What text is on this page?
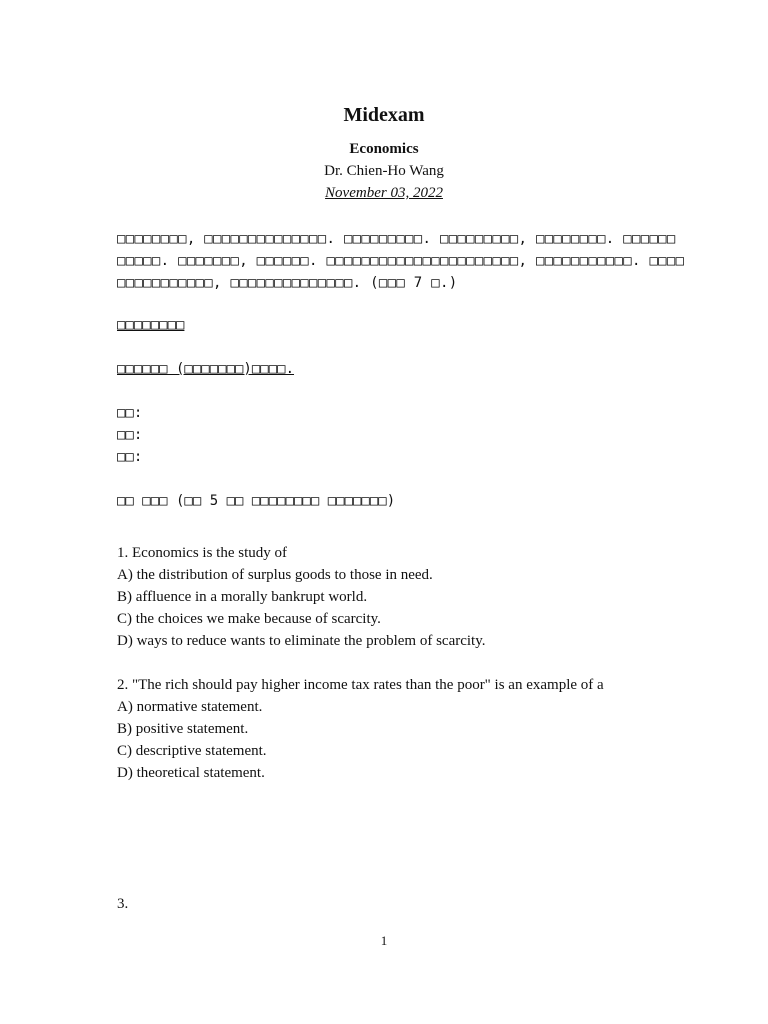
Midexam
Economics
Dr. Chien-Ho Wang
November 03, 2022
□□□□□□□□, □□□□□□□□□□□□□□. □□□□□□□□□. □□□□□□□□□, □□□□□□□□. □□□□□□
□□□□□. □□□□□□□, □□□□□□. □□□□□□□□□□□□□□□□□□□□□□, □□□□□□□□□□□. □□□□
□□□□□□□□□□□, □□□□□□□□□□□□□□. (□□□ 7 □.)
□□□□□□□□
□□□□□□ (□□□□□□□)□□□□.
□□:
□□:
□□:
□□ □□□ (□□ 5 □□ □□□□□□□□ □□□□□□□)
1. Economics is the study of
A) the distribution of surplus goods to those in need.
B) affluence in a morally bankrupt world.
C) the choices we make because of scarcity.
D) ways to reduce wants to eliminate the problem of scarcity.
2. "The rich should pay higher income tax rates than the poor" is an example of a
A) normative statement.
B) positive statement.
C) descriptive statement.
D) theoretical statement.
3.
1
